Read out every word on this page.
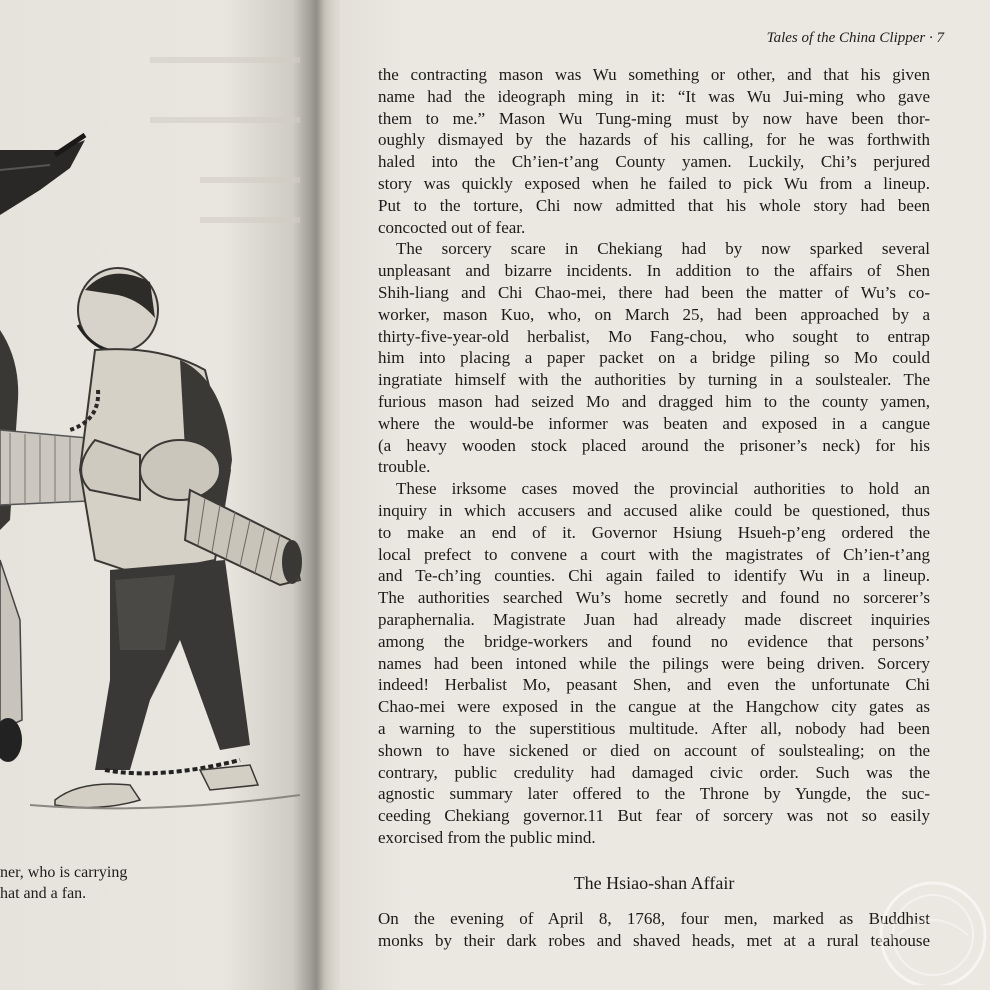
ner, who is carrying
hat and a fan.
Tales of the China Clipper · 7
the contracting mason was Wu something or other, and that his given
name had the ideograph ming in it: “It was Wu Jui-ming who gave
them to me.” Mason Wu Tung-ming must by now have been thor-
oughly dismayed by the hazards of his calling, for he was forthwith
haled into the Ch’ien-t’ang County yamen. Luckily, Chi’s perjured
story was quickly exposed when he failed to pick Wu from a lineup.
Put to the torture, Chi now admitted that his whole story had been
concocted out of fear.
The sorcery scare in Chekiang had by now sparked several
unpleasant and bizarre incidents. In addition to the affairs of Shen
Shih-liang and Chi Chao-mei, there had been the matter of Wu’s co-
worker, mason Kuo, who, on March 25, had been approached by a
thirty-five-year-old herbalist, Mo Fang-chou, who sought to entrap
him into placing a paper packet on a bridge piling so Mo could
ingratiate himself with the authorities by turning in a soulstealer. The
furious mason had seized Mo and dragged him to the county yamen,
where the would-be informer was beaten and exposed in a cangue
(a heavy wooden stock placed around the prisoner’s neck) for his
trouble.
These irksome cases moved the provincial authorities to hold an
inquiry in which accusers and accused alike could be questioned, thus
to make an end of it. Governor Hsiung Hsueh-p’eng ordered the
local prefect to convene a court with the magistrates of Ch’ien-t’ang
and Te-ch’ing counties. Chi again failed to identify Wu in a lineup.
The authorities searched Wu’s home secretly and found no sorcerer’s
paraphernalia. Magistrate Juan had already made discreet inquiries
among the bridge-workers and found no evidence that persons’
names had been intoned while the pilings were being driven. Sorcery
indeed! Herbalist Mo, peasant Shen, and even the unfortunate Chi
Chao-mei were exposed in the cangue at the Hangchow city gates as
a warning to the superstitious multitude. After all, nobody had been
shown to have sickened or died on account of soulstealing; on the
contrary, public credulity had damaged civic order. Such was the
agnostic summary later offered to the Throne by Yungde, the suc-
ceeding Chekiang governor.11 But fear of sorcery was not so easily
exorcised from the public mind.
The Hsiao-shan Affair
On the evening of April 8, 1768, four men, marked as Buddhist
monks by their dark robes and shaved heads, met at a rural teahouse
